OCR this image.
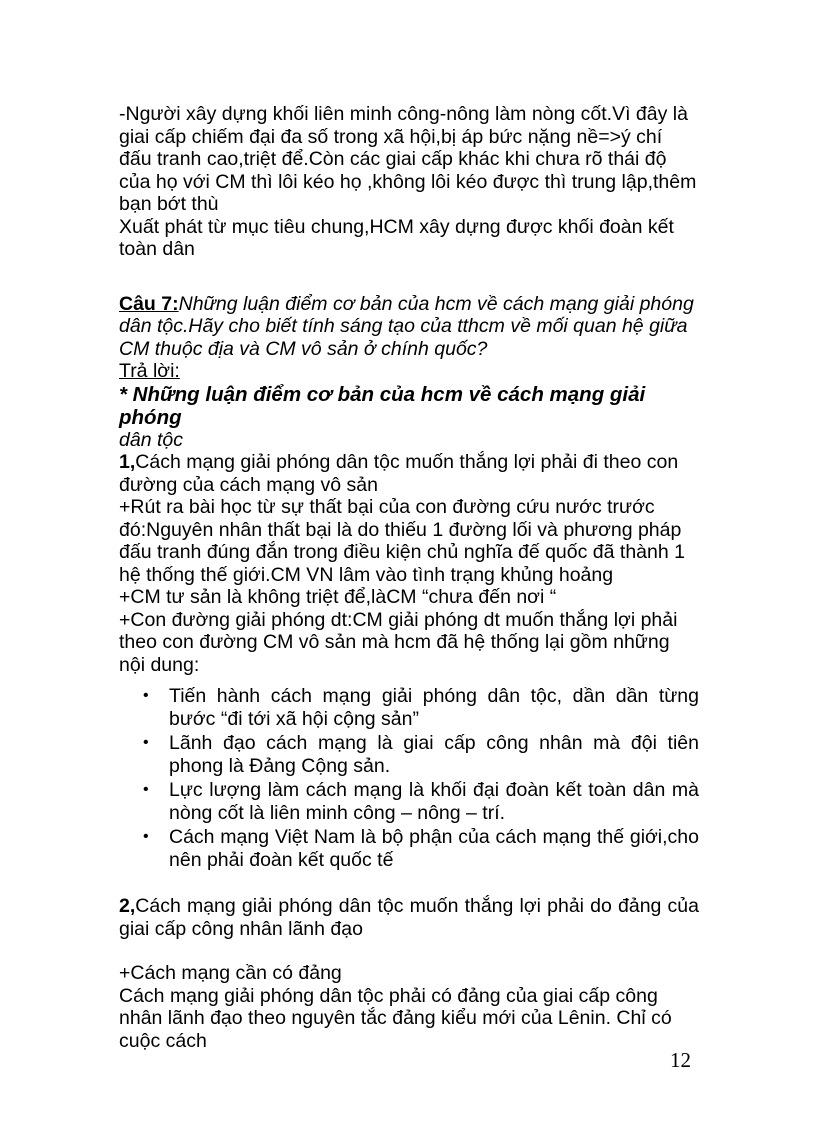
-Người xây dựng khối liên minh công-nông làm nòng cốt.Vì đây là giai cấp chiếm đại đa số trong xã hội,bị áp bức nặng nề=>ý chí đấu tranh cao,triệt để.Còn các giai cấp khác khi chưa rõ thái độ của họ với CM thì lôi kéo họ ,không lôi kéo được thì trung lập,thêm bạn bớt thù

Xuất phát từ mục tiêu chung,HCM xây dựng được khối đoàn kết toàn dân

Câu 7:Những luận điểm cơ bản của hcm về cách mạng giải phóng dân tộc.Hãy cho biết tính sáng tạo của tthcm về mối quan hệ giữa CM thuộc địa và CM vô sản ở chính quốc?

Trả lời:

* Những luận điểm cơ bản của hcm về cách mạng giải phóng

dân tộc

1,Cách mạng giải phóng dân tộc muốn thắng lợi phải đi theo con đường của cách mạng vô sản

+Rút ra bài học từ sự thất bại của con đường cứu nước trước đó:Nguyên nhân thất bại là do thiếu 1 đường lối và phương pháp đấu tranh đúng đắn trong điều kiện chủ nghĩa đế quốc đã thành 1 hệ thống thế giới.CM VN lâm vào tình trạng khủng hoảng

+CM tư sản là không triệt để,làCM “chưa đến nơi “

+Con đường giải phóng dt:CM giải phóng dt muốn thắng lợi phải theo con đường CM vô sản mà hcm đã hệ thống lại gồm những nội dung:

• Tiến hành cách mạng giải phóng dân tộc, dần dần từng bước “đi tới xã hội cộng sản”
• Lãnh đạo cách mạng là giai cấp công nhân mà đội tiên phong là Đảng Cộng sản.
• Lực lượng làm cách mạng là khối đại đoàn kết toàn dân mà nòng cốt là liên minh công – nông – trí.
• Cách mạng Việt Nam là bộ phận của cách mạng thế giới,cho nên phải đoàn kết quốc tế

2,Cách mạng giải phóng dân tộc muốn thắng lợi phải do đảng của giai cấp công nhân lãnh đạo

+Cách mạng cần có đảng

Cách mạng giải phóng dân tộc phải có đảng của giai cấp công nhân lãnh đạo theo nguyên tắc đảng kiểu mới của Lênin. Chỉ có cuộc cách

12
